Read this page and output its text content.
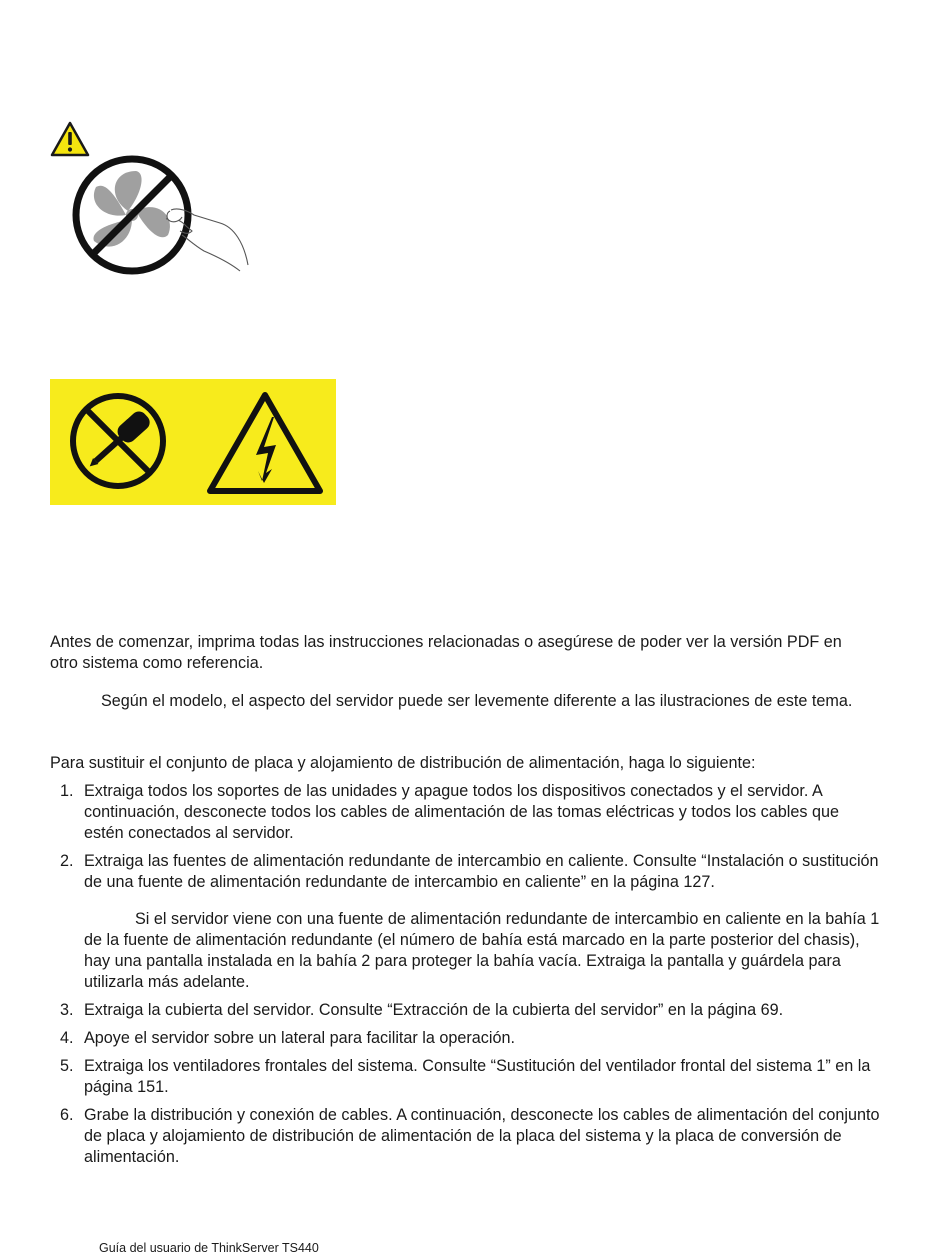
Antes de comenzar, imprima todas las instrucciones relacionadas o asegúrese de poder ver la versión PDF en otro sistema como referencia.
Según el modelo, el aspecto del servidor puede ser levemente diferente a las ilustraciones de este tema.
Para sustituir el conjunto de placa y alojamiento de distribución de alimentación, haga lo siguiente:
1. Extraiga todos los soportes de las unidades y apague todos los dispositivos conectados y el servidor. A continuación, desconecte todos los cables de alimentación de las tomas eléctricas y todos los cables que estén conectados al servidor.
2. Extraiga las fuentes de alimentación redundante de intercambio en caliente. Consulte “Instalación o sustitución de una fuente de alimentación redundante de intercambio en caliente” en la página 127.
Si el servidor viene con una fuente de alimentación redundante de intercambio en caliente en la bahía 1 de la fuente de alimentación redundante (el número de bahía está marcado en la parte posterior del chasis), hay una pantalla instalada en la bahía 2 para proteger la bahía vacía. Extraiga la pantalla y guárdela para utilizarla más adelante.
3. Extraiga la cubierta del servidor. Consulte “Extracción de la cubierta del servidor” en la página 69.
4. Apoye el servidor sobre un lateral para facilitar la operación.
5. Extraiga los ventiladores frontales del sistema. Consulte “Sustitución del ventilador frontal del sistema 1” en la página 151.
6. Grabe la distribución y conexión de cables. A continuación, desconecte los cables de alimentación del conjunto de placa y alojamiento de distribución de alimentación de la placa del sistema y la placa de conversión de alimentación.
Guía del usuario de ThinkServer TS440
